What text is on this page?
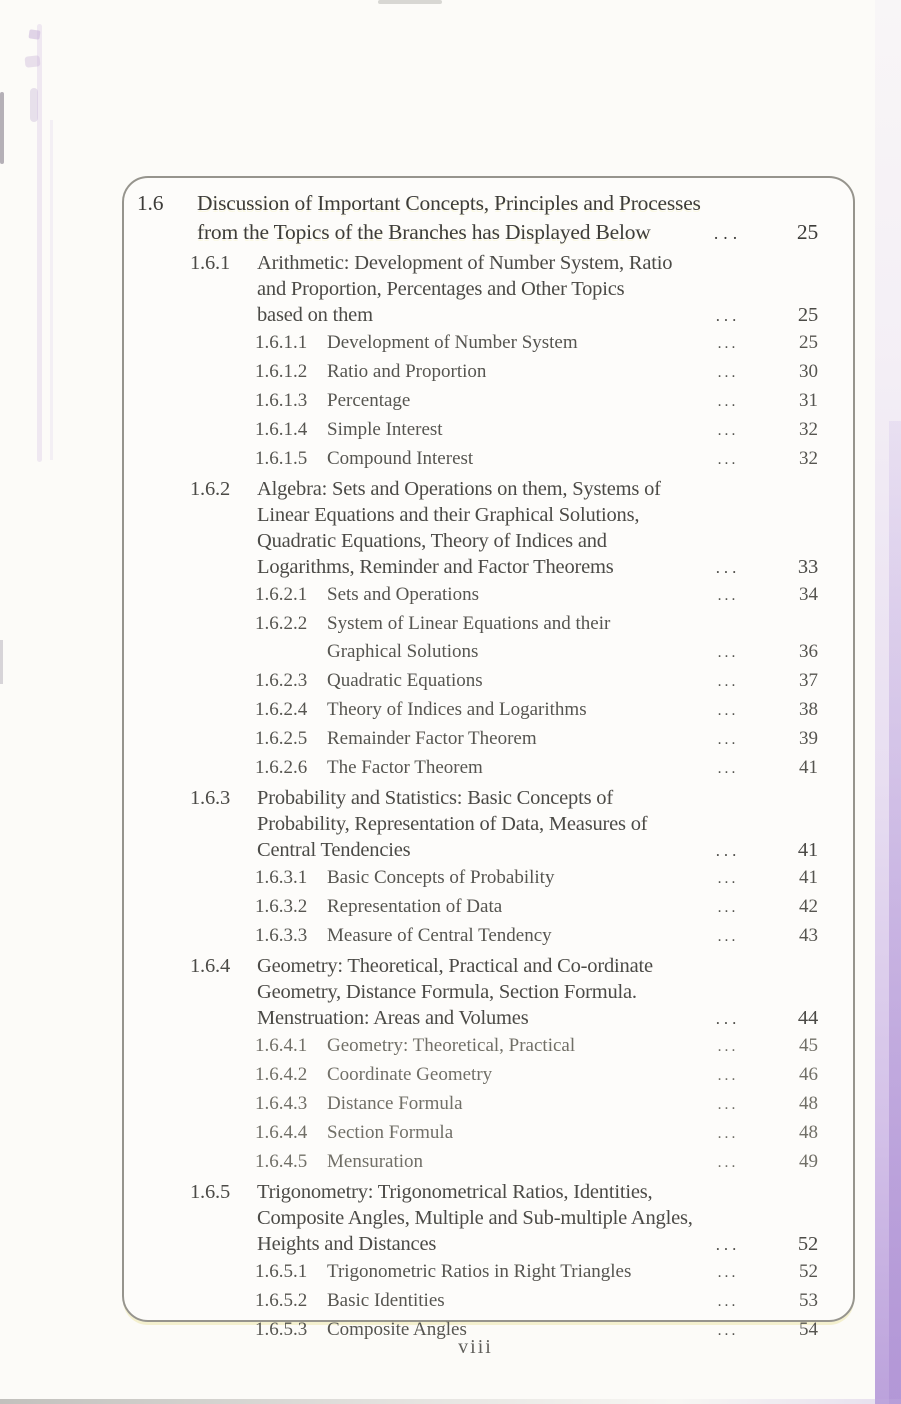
1.6	Discussion of Important Concepts, Principles and Processes
from the Topics of the Branches has Displayed Below	...	25
1.6.1	Arithmetic: Development of Number System, Ratio
and Proportion, Percentages and Other Topics
based on them	...	25
1.6.1.1	Development of Number System	...	25
1.6.1.2	Ratio and Proportion	...	30
1.6.1.3	Percentage	...	31
1.6.1.4	Simple Interest	...	32
1.6.1.5	Compound Interest	...	32
1.6.2	Algebra: Sets and Operations on them, Systems of
Linear Equations and their Graphical Solutions,
Quadratic Equations, Theory of Indices and
Logarithms, Reminder and Factor Theorems	...	33
1.6.2.1	Sets and Operations	...	34
1.6.2.2	System of Linear Equations and their
Graphical Solutions	...	36
1.6.2.3	Quadratic Equations	...	37
1.6.2.4	Theory of Indices and Logarithms	...	38
1.6.2.5	Remainder Factor Theorem	...	39
1.6.2.6	The Factor Theorem	...	41
1.6.3	Probability and Statistics: Basic Concepts of
Probability, Representation of Data, Measures of
Central Tendencies	...	41
1.6.3.1	Basic Concepts of Probability	...	41
1.6.3.2	Representation of Data	...	42
1.6.3.3	Measure of Central Tendency	...	43
1.6.4	Geometry: Theoretical, Practical and Co-ordinate
Geometry, Distance Formula, Section Formula.
Menstruation: Areas and Volumes	...	44
1.6.4.1	Geometry: Theoretical, Practical	...	45
1.6.4.2	Coordinate Geometry	...	46
1.6.4.3	Distance Formula	...	48
1.6.4.4	Section Formula	...	48
1.6.4.5	Mensuration	...	49
1.6.5	Trigonometry: Trigonometrical Ratios, Identities,
Composite Angles, Multiple and Sub-multiple Angles,
Heights and Distances	...	52
1.6.5.1	Trigonometric Ratios in Right Triangles	...	52
1.6.5.2	Basic Identities	...	53
1.6.5.3	Composite Angles	...	54
viii
